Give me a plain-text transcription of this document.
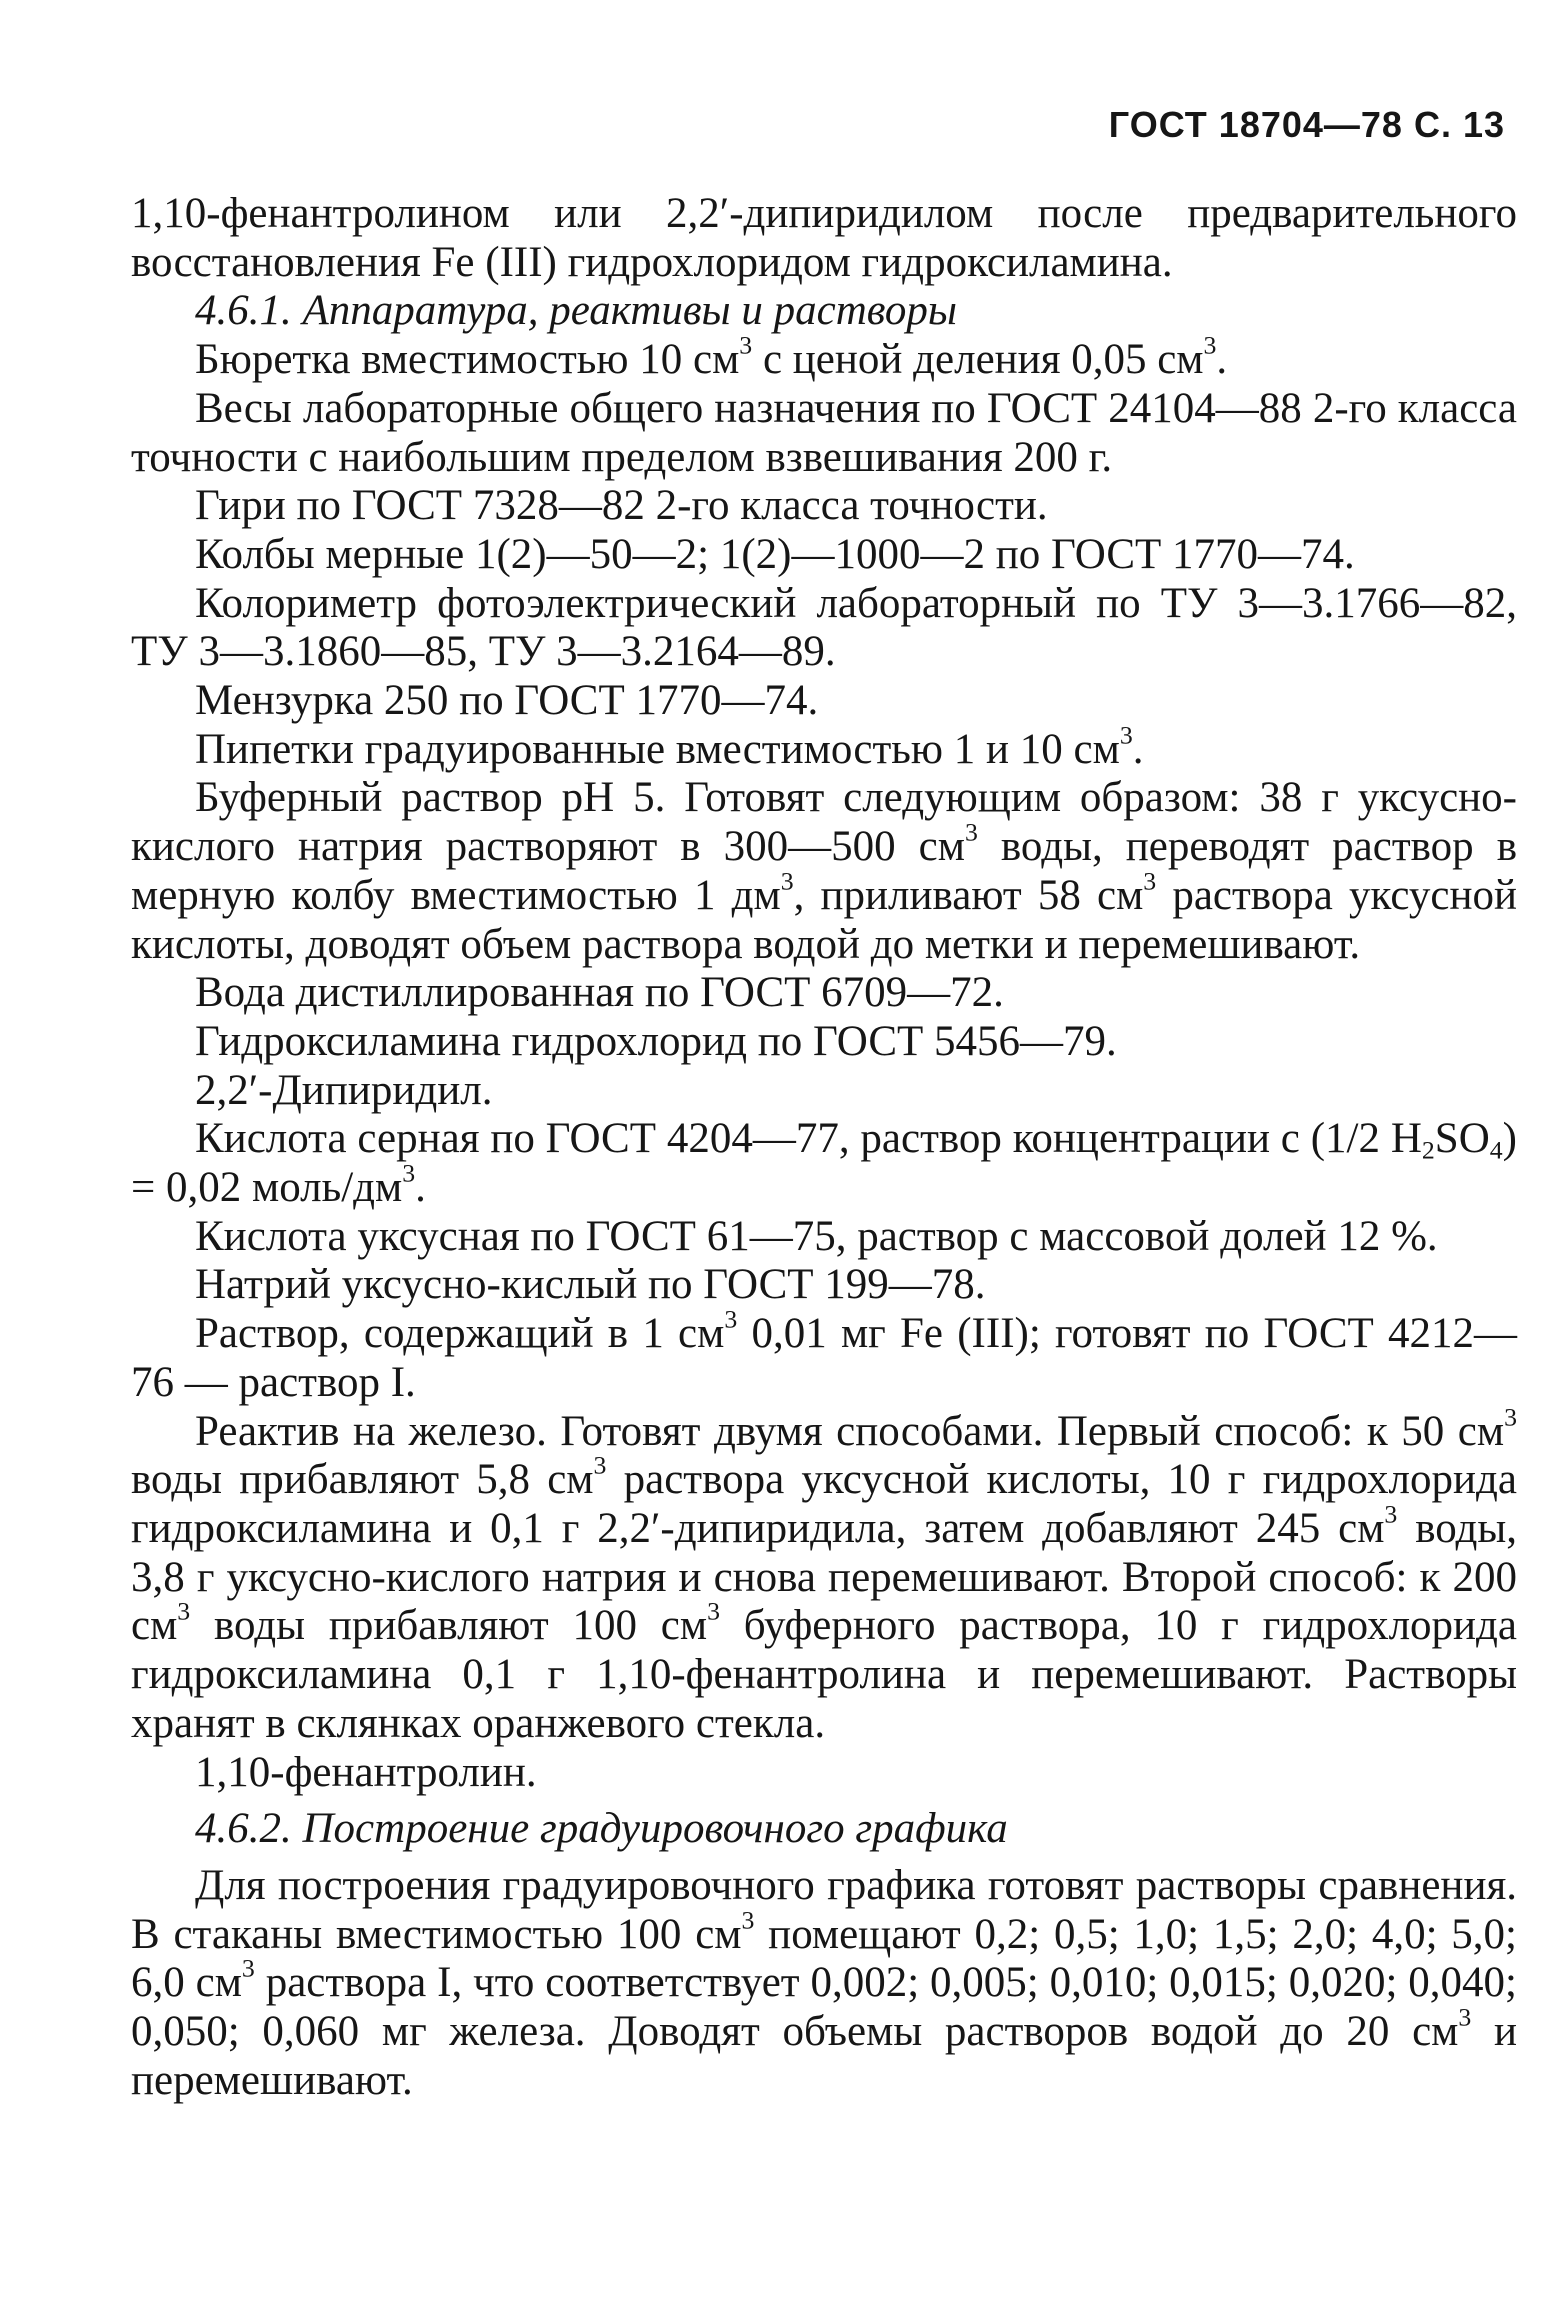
ГОСТ 18704—78 С. 13

1,10-фенантролином или 2,2′-дипиридилом после предварительного восстановления Fe (III) гидрохлоридом гидроксиламина.

4.6.1. Аппаратура, реактивы и растворы

Бюретка вместимостью 10 $см^3$ с ценой деления 0,05 $см^3$.

Весы лабораторные общего назначения по ГОСТ 24104—88 2-го класса точности с наибольшим пределом взвешивания 200 г.

Гири по ГОСТ 7328—82 2-го класса точности.

Колбы мерные 1(2)—50—2; 1(2)—1000—2 по ГОСТ 1770—74.

Колориметр фотоэлектрический лабораторный по ТУ 3—3.1766—82, ТУ 3—3.1860—85, ТУ 3—3.2164—89.

Мензурка 250 по ГОСТ 1770—74.

Пипетки градуированные вместимостью 1 и 10 $см^3$.

Буферный раствор pH 5. Готовят следующим образом: 38 г уксусно-кислого натрия растворяют в 300—500 $см^3$ воды, переводят раствор в мерную колбу вместимостью 1 $дм^3$, приливают 58 $см^3$ раствора уксусной кислоты, доводят объем раствора водой до метки и перемешивают.

Вода дистиллированная по ГОСТ 6709—72.

Гидроксиламина гидрохлорид по ГОСТ 5456—79.

2,2′-Дипиридил.

Кислота серная по ГОСТ 4204—77, раствор концентрации c (1/2 $H_2SO_4) = 0,02$ моль/$дм^3$.

Кислота уксусная по ГОСТ 61—75, раствор с массовой долей 12 %.

Натрий уксусно-кислый по ГОСТ 199—78.

Раствор, содержащий в 1 $см^3$ 0,01 мг Fe (III); готовят по ГОСТ 4212—76 — раствор I.

Реактив на железо. Готовят двумя способами. Первый способ: к 50 $см^3$ воды прибавляют 5,8 $см^3$ раствора уксусной кислоты, 10 г гидрохлорида гидроксиламина и 0,1 г 2,2′-дипиридила, затем добавляют 245 $см^3$ воды, 3,8 г уксусно-кислого натрия и снова перемешивают. Второй способ: к 200 $см^3$ воды прибавляют 100 $см^3$ буферного раствора, 10 г гидрохлорида гидроксиламина 0,1 г 1,10-фенантролина и перемешивают. Растворы хранят в склянках оранжевого стекла.

1,10-фенантролин.

4.6.2. Построение градуировочного графика

Для построения градуировочного графика готовят растворы сравнения. В стаканы вместимостью 100 $см^3$ помещают 0,2; 0,5; 1,0; 1,5; 2,0; 4,0; 5,0; 6,0 $см^3$ раствора I, что соответствует 0,002; 0,005; 0,010; 0,015; 0,020; 0,040; 0,050; 0,060 мг железа. Доводят объемы растворов водой до 20 $см^3$ и перемешивают.
